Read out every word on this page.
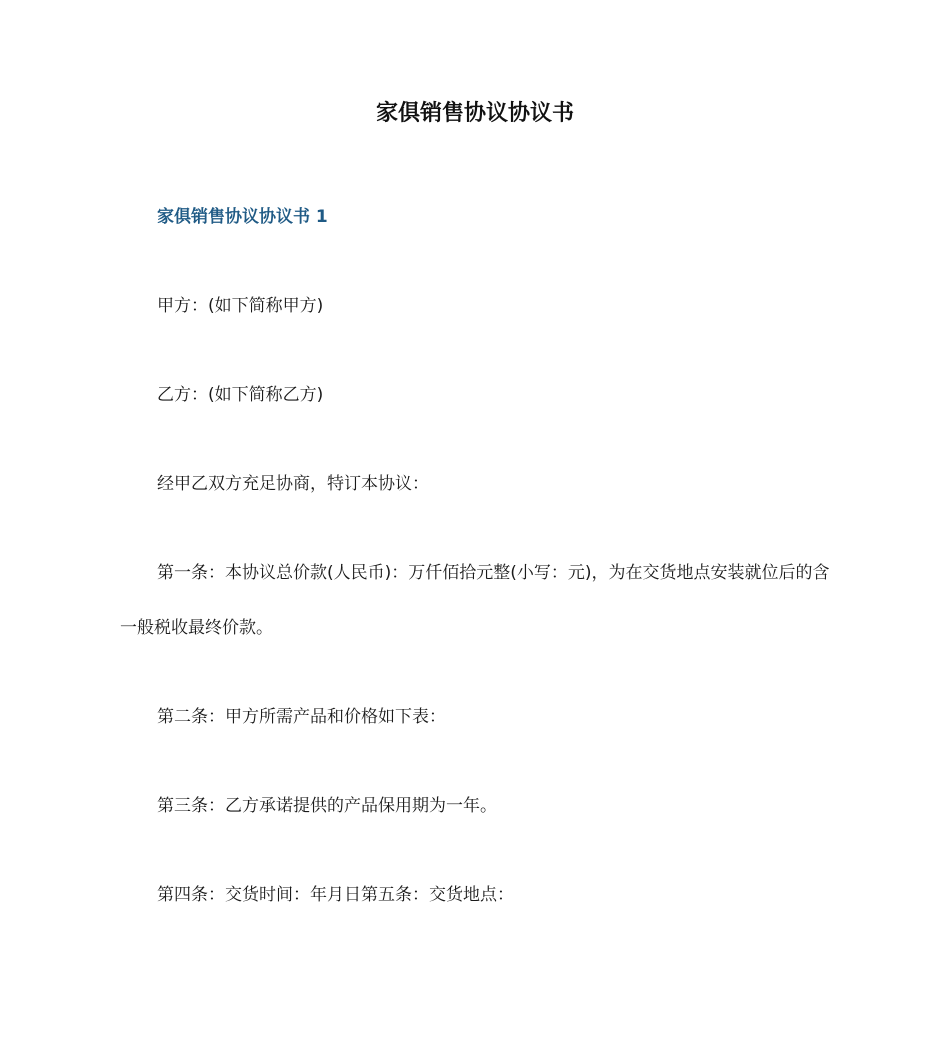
家俱销售协议协议书
家俱销售协议协议书 1

甲方：(如下简称甲方)

乙方：(如下简称乙方)

经甲乙双方充足协商，特订本协议：

第一条：本协议总价款(人民币)：万仟佰拾元整(小写：元)，为在交货地点安装就位后的含一般税收最终价款。

第二条：甲方所需产品和价格如下表：

第三条：乙方承诺提供的产品保用期为一年。

第四条：交货时间：年月日第五条：交货地点：
